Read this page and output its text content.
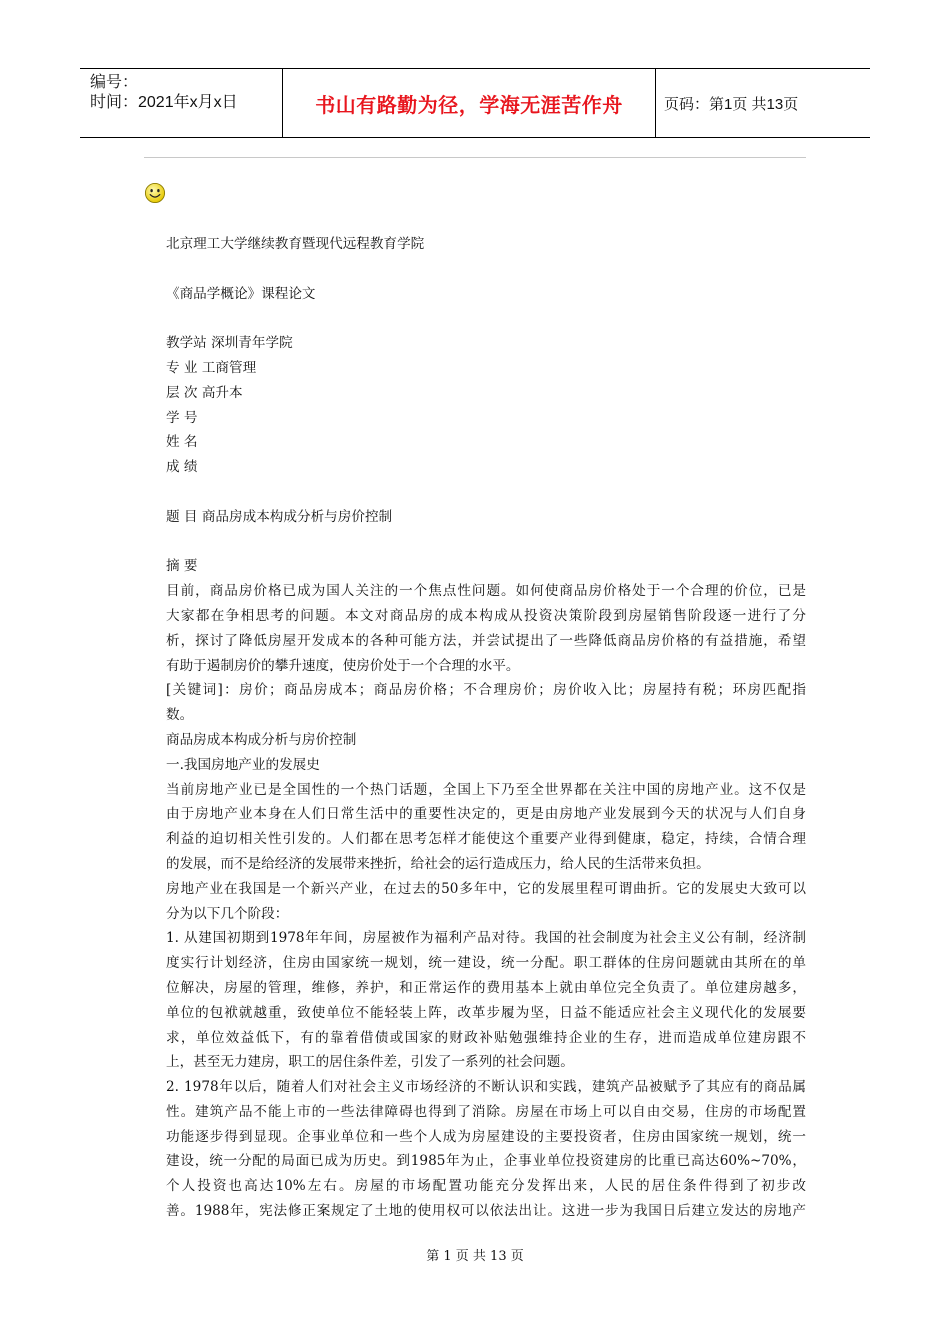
编号：
时间：2021年x月x日	书山有路勤为径，学海无涯苦作舟	页码：第1页 共13页
北京理工大学继续教育暨现代远程教育学院
《商品学概论》课程论文
教学站 深圳青年学院
专 业 工商管理
层 次 高升本
学 号
姓 名
成 绩
题 目 商品房成本构成分析与房价控制
摘 要
目前，商品房价格已成为国人关注的一个焦点性问题。如何使商品房价格处于一个合理的价位，已是
大家都在争相思考的问题。本文对商品房的成本构成从投资决策阶段到房屋销售阶段逐一进行了分
析，探讨了降低房屋开发成本的各种可能方法，并尝试提出了一些降低商品房价格的有益措施，希望
有助于遏制房价的攀升速度，使房价处于一个合理的水平。
[关键词]：房价；商品房成本；商品房价格；不合理房价；房价收入比；房屋持有税；环房匹配指
数。
商品房成本构成分析与房价控制
一.我国房地产业的发展史
当前房地产业已是全国性的一个热门话题，全国上下乃至全世界都在关注中国的房地产业。这不仅是
由于房地产业本身在人们日常生活中的重要性决定的，更是由房地产业发展到今天的状况与人们自身
利益的迫切相关性引发的。人们都在思考怎样才能使这个重要产业得到健康，稳定，持续，合情合理
的发展，而不是给经济的发展带来挫折，给社会的运行造成压力，给人民的生活带来负担。
房地产业在我国是一个新兴产业，在过去的50多年中，它的发展里程可谓曲折。它的发展史大致可以
分为以下几个阶段：
1. 从建国初期到1978年年间，房屋被作为福利产品对待。我国的社会制度为社会主义公有制，经济制
度实行计划经济，住房由国家统一规划，统一建设，统一分配。职工群体的住房问题就由其所在的单
位解决，房屋的管理，维修，养护，和正常运作的费用基本上就由单位完全负责了。单位建房越多，
单位的包袱就越重，致使单位不能轻装上阵，改革步履为坚，日益不能适应社会主义现代化的发展要
求，单位效益低下，有的靠着借债或国家的财政补贴勉强维持企业的生存，进而造成单位建房跟不
上，甚至无力建房，职工的居住条件差，引发了一系列的社会问题。
2. 1978年以后，随着人们对社会主义市场经济的不断认识和实践，建筑产品被赋予了其应有的商品属
性。建筑产品不能上市的一些法律障碍也得到了消除。房屋在市场上可以自由交易，住房的市场配置
功能逐步得到显现。企事业单位和一些个人成为房屋建设的主要投资者，住房由国家统一规划，统一
建设，统一分配的局面已成为历史。到1985年为止，企事业单位投资建房的比重已高达60%~70%，
个人投资也高达10%左右。房屋的市场配置功能充分发挥出来，人民的居住条件得到了初步改
善。1988年，宪法修正案规定了土地的使用权可以依法出让。这进一步为我国日后建立发达的房地产
第 1 页 共 13 页
